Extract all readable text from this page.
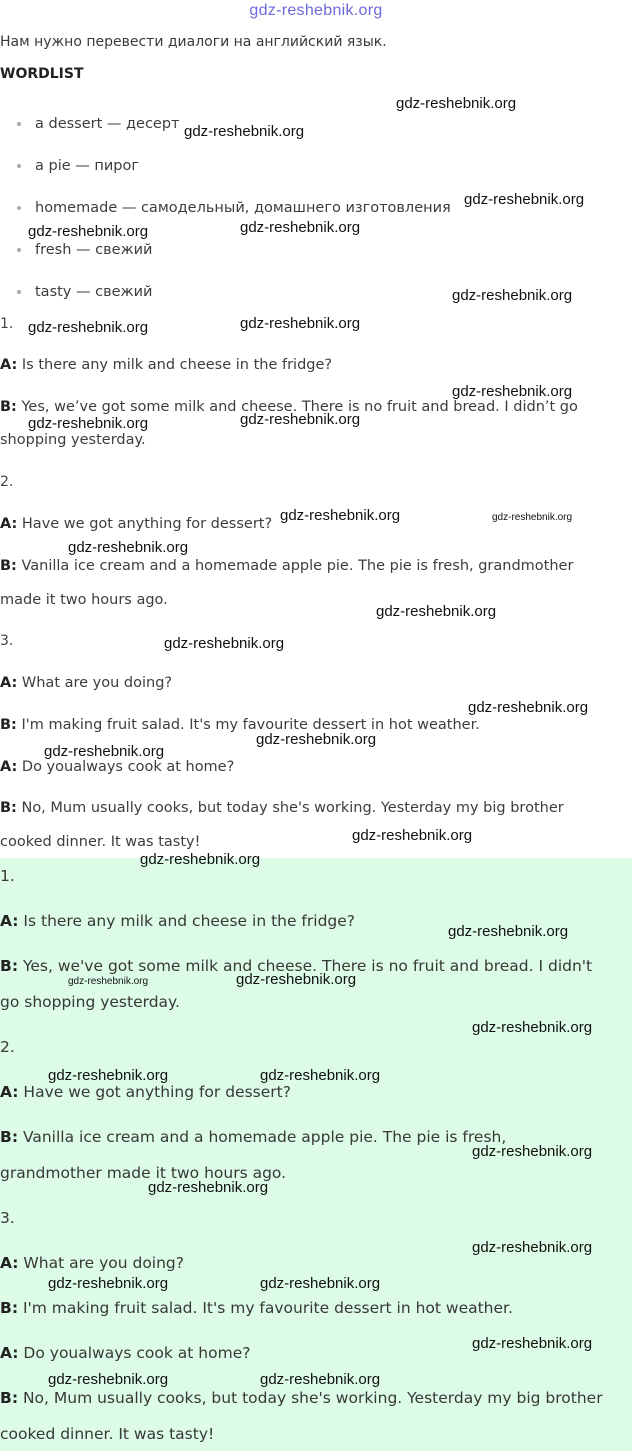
gdz-reshebnik.org
Нам нужно перевести диалоги на английский язык.
WORDLIST
a dessert — десерт
a pie — пирог
homemade — самодельный, домашнего изготовления
fresh — свежий
tasty — свежий
1.
A: Is there any milk and cheese in the fridge?
B: Yes, we’ve got some milk and cheese. There is no fruit and bread. I didn’t go
shopping yesterday.
2.
A: Have we got anything for dessert?
B: Vanilla ice cream and a homemade apple pie. The pie is fresh, grandmother
made it two hours ago.
3.
A: What are you doing?
B: I'm making fruit salad. It's my favourite dessert in hot weather.
A: Do youalways cook at home?
B: No, Mum usually cooks, but today she's working. Yesterday my big brother
cooked dinner. It was tasty!
1.
A: Is there any milk and cheese in the fridge?
B: Yes, we've got some milk and cheese. There is no fruit and bread. I didn't
go shopping yesterday.
2.
A: Have we got anything for dessert?
B: Vanilla ice cream and a homemade apple pie. The pie is fresh,
grandmother made it two hours ago.
3.
A: What are you doing?
B: I'm making fruit salad. It's my favourite dessert in hot weather.
A: Do youalways cook at home?
B: No, Mum usually cooks, but today she's working. Yesterday my big brother
cooked dinner. It was tasty!
gdz-reshebnik.org
gdz-reshebnik.org
gdz-reshebnik.org
gdz-reshebnik.org	gdz-reshebnik.org
gdz-reshebnik.org
gdz-reshebnik.org	gdz-reshebnik.org
gdz-reshebnik.org
gdz-reshebnik.org	gdz-reshebnik.org
gdz-reshebnik.org	gdz-reshebnik.org
gdz-reshebnik.org
gdz-reshebnik.org
gdz-reshebnik.org
gdz-reshebnik.org
gdz-reshebnik.org
gdz-reshebnik.org
gdz-reshebnik.org
gdz-reshebnik.org
gdz-reshebnik.org
gdz-reshebnik.org	gdz-reshebnik.org
gdz-reshebnik.org
gdz-reshebnik.org	gdz-reshebnik.org
gdz-reshebnik.org
gdz-reshebnik.org
gdz-reshebnik.org
gdz-reshebnik.org	gdz-reshebnik.org
gdz-reshebnik.org
gdz-reshebnik.org	gdz-reshebnik.org
